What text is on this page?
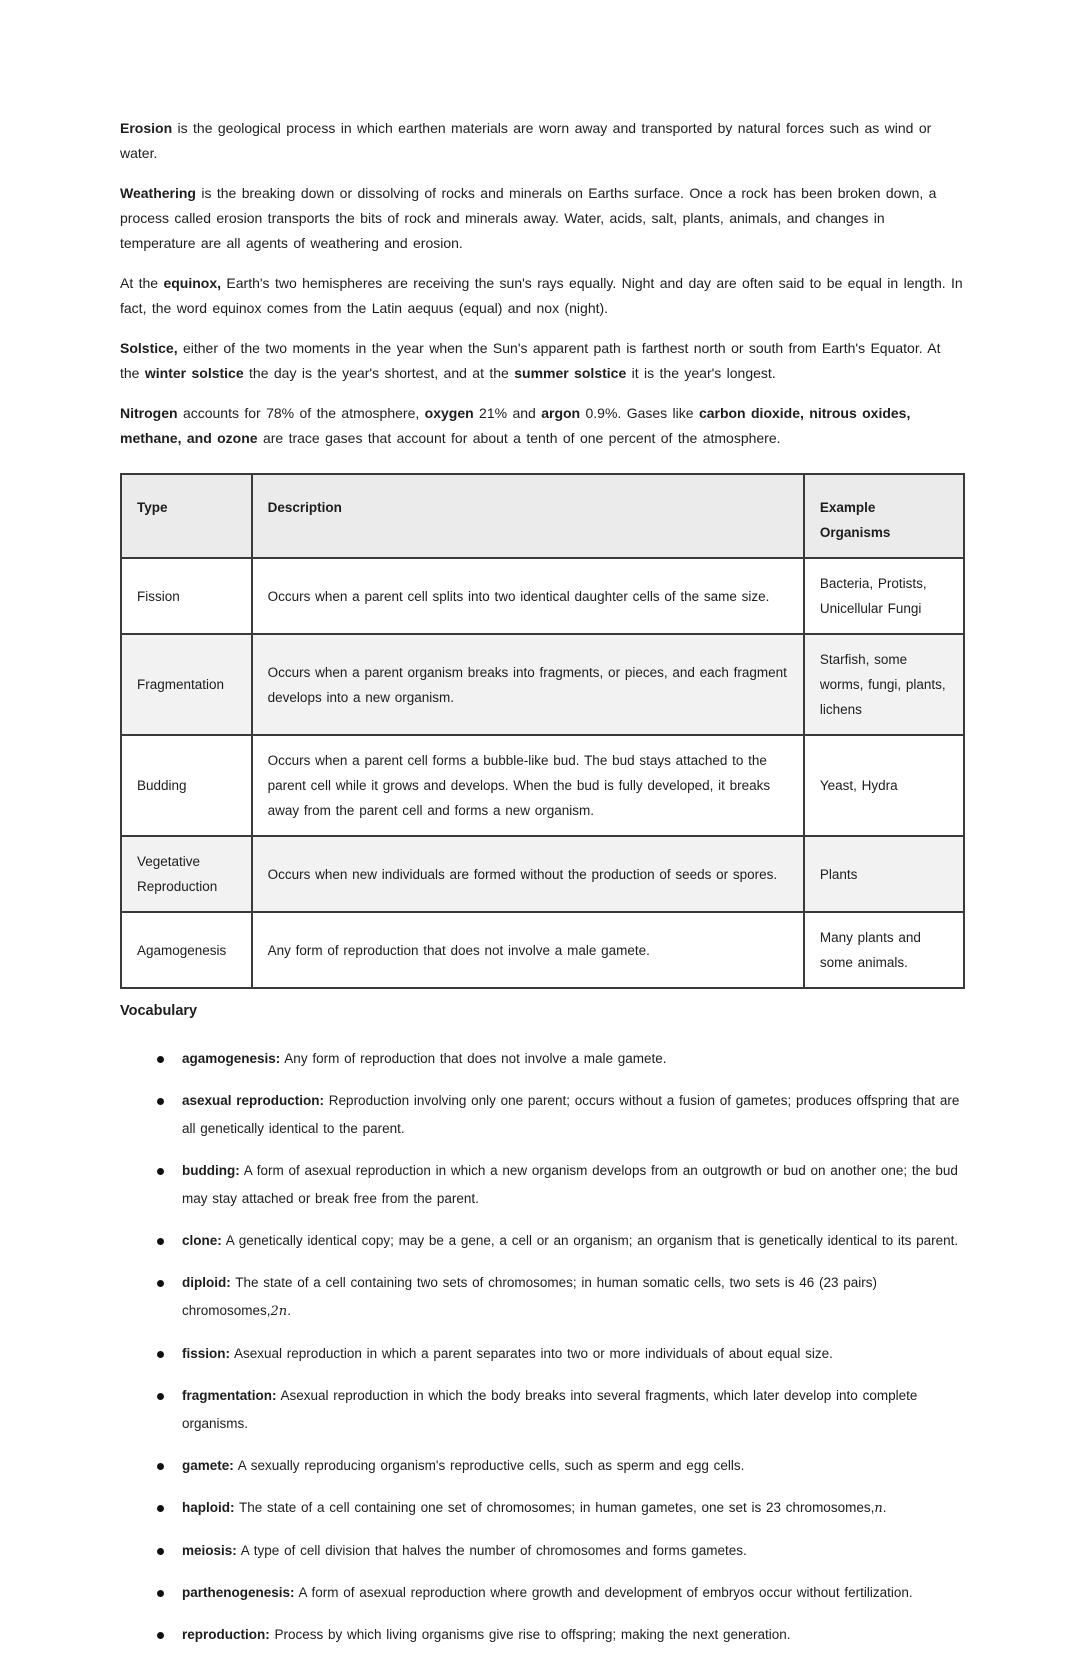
Erosion is the geological process in which earthen materials are worn away and transported by natural forces such as wind or water.

Weathering is the breaking down or dissolving of rocks and minerals on Earths surface. Once a rock has been broken down, a process called erosion transports the bits of rock and minerals away. Water, acids, salt, plants, animals, and changes in temperature are all agents of weathering and erosion.

At the equinox, Earth's two hemispheres are receiving the sun's rays equally. Night and day are often said to be equal in length. In fact, the word equinox comes from the Latin aequus (equal) and nox (night).

Solstice, either of the two moments in the year when the Sun's apparent path is farthest north or south from Earth's Equator. At the winter solstice the day is the year's shortest, and at the summer solstice it is the year's longest.

Nitrogen accounts for 78% of the atmosphere, oxygen 21% and argon 0.9%. Gases like carbon dioxide, nitrous oxides, methane, and ozone are trace gases that account for about a tenth of one percent of the atmosphere.

Type	Description	Example Organisms
Fission	Occurs when a parent cell splits into two identical daughter cells of the same size.	Bacteria, Protists, Unicellular Fungi
Fragmentation	Occurs when a parent organism breaks into fragments, or pieces, and each fragment develops into a new organism.	Starfish, some worms, fungi, plants, lichens
Budding	Occurs when a parent cell forms a bubble-like bud. The bud stays attached to the parent cell while it grows and develops. When the bud is fully developed, it breaks away from the parent cell and forms a new organism.	Yeast, Hydra
Vegetative Reproduction	Occurs when new individuals are formed without the production of seeds or spores.	Plants
Agamogenesis	Any form of reproduction that does not involve a male gamete.	Many plants and some animals.
Vocabulary
agamogenesis: Any form of reproduction that does not involve a male gamete.
asexual reproduction: Reproduction involving only one parent; occurs without a fusion of gametes; produces offspring that are all genetically identical to the parent.
budding: A form of asexual reproduction in which a new organism develops from an outgrowth or bud on another one; the bud may stay attached or break free from the parent.
clone: A genetically identical copy; may be a gene, a cell or an organism; an organism that is genetically identical to its parent.
diploid: The state of a cell containing two sets of chromosomes; in human somatic cells, two sets is 46 (23 pairs) chromosomes,2n.
fission: Asexual reproduction in which a parent separates into two or more individuals of about equal size.
fragmentation: Asexual reproduction in which the body breaks into several fragments, which later develop into complete organisms.
gamete: A sexually reproducing organism's reproductive cells, such as sperm and egg cells.
haploid: The state of a cell containing one set of chromosomes; in human gametes, one set is 23 chromosomes,n.
meiosis: A type of cell division that halves the number of chromosomes and forms gametes.
parthenogenesis: A form of asexual reproduction where growth and development of embryos occur without fertilization.
reproduction: Process by which living organisms give rise to offspring; making the next generation.
